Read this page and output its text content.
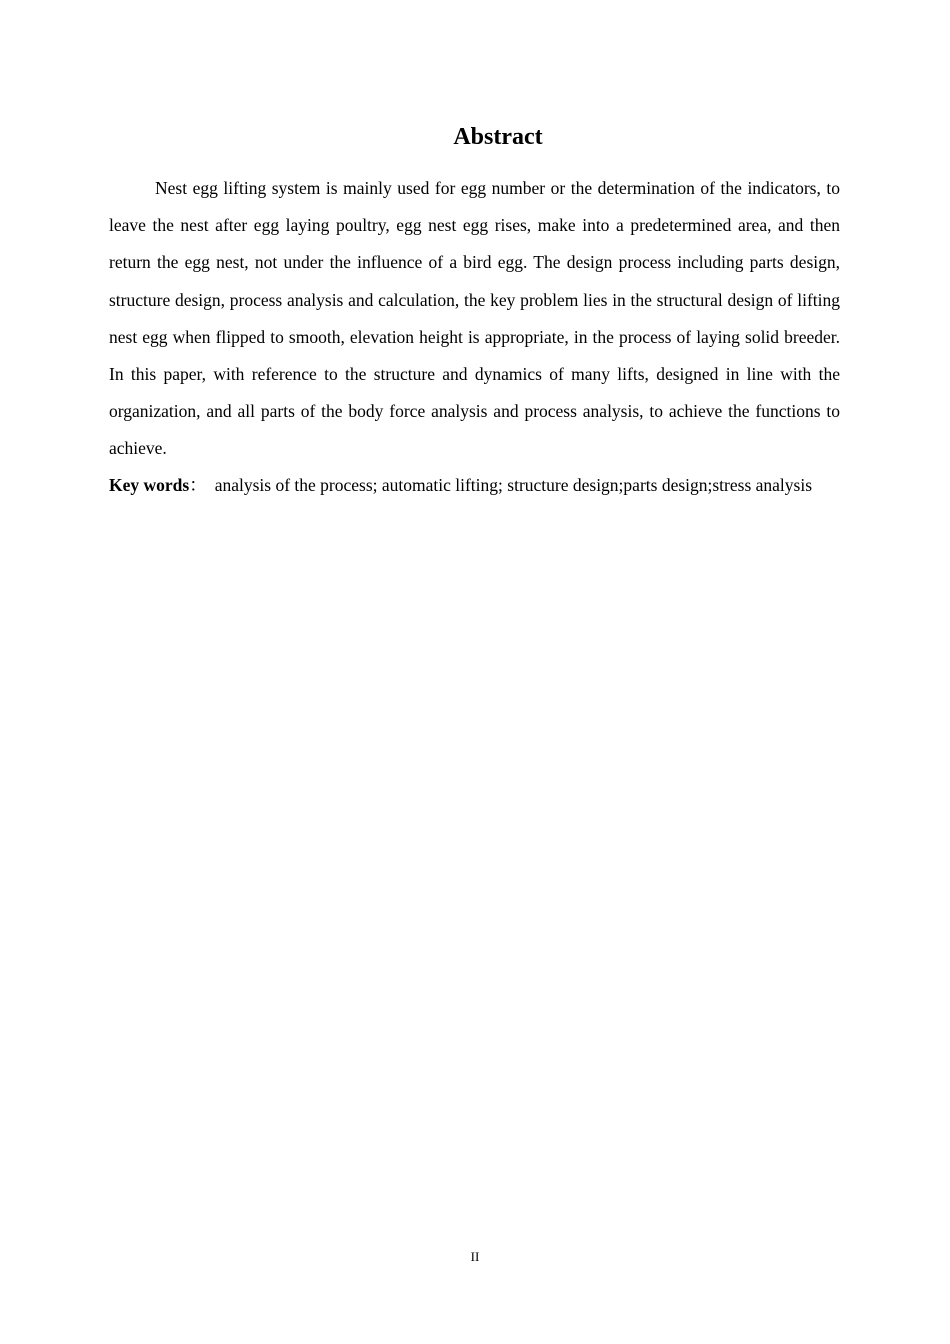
Abstract

Nest egg lifting system is mainly used for egg number or the determination of the indicators, to leave the nest after egg laying poultry, egg nest egg rises, make into a predetermined area, and then return the egg nest, not under the influence of a bird egg. The design process including parts design, structure design, process analysis and calculation, the key problem lies in the structural design of lifting nest egg when flipped to smooth, elevation height is appropriate, in the process of laying solid breeder. In this paper, with reference to the structure and dynamics of many lifts, designed in line with the organization, and all parts of the body force analysis and process analysis, to achieve the functions to achieve.

Key words： analysis of the process; automatic lifting; structure design;parts design;stress analysis

II
